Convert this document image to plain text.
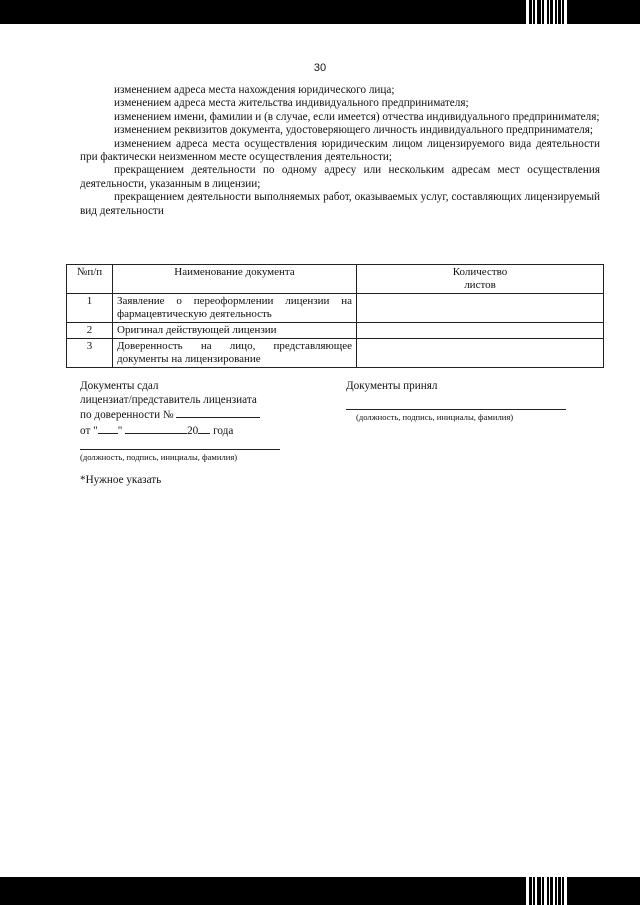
30

изменением адреса места нахождения юридического лица;

изменением адреса места жительства индивидуального предпринимателя;

изменением имени, фамилии и (в случае, если имеется) отчества индивидуального предпринимателя;

изменением реквизитов документа, удостоверяющего личность индивидуального предпринимателя;

изменением адреса места осуществления юридическим лицом лицензируемого вида деятельности при фактически неизменном месте осуществления деятельности;

прекращением деятельности по одному адресу или нескольким адресам мест осуществления деятельности, указанным в лицензии;

прекращением деятельности выполняемых работ, оказываемых услуг, составляющих лицензируемый вид деятельности

№п/п	Наименование документа	Количество
листов

1	Заявление о переоформлении лицензии на фармацевтическую деятельность	
2	Оригинал действующей лицензии	
3	Доверенность на лицо, представляющее документы на лицензирование	
Документы сдал
лицензиат/представитель лицензиата
по доверенности №
от " "	20 года
(должность, подпись, инициалы, фамилия)
Документы принял
(должность, подпись, инициалы, фамилия)
*Нужное указать
